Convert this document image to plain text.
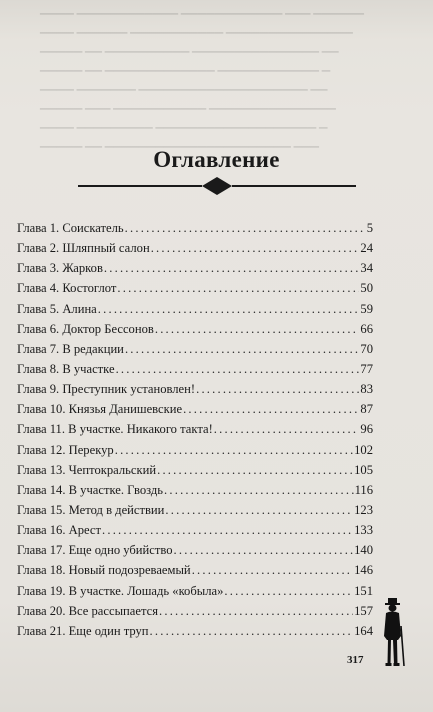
▁▁▁▁ ▁▁▁▁▁▁▁▁▁▁▁▁ ▁▁▁▁▁▁▁▁▁▁▁▁ ▁▁▁ ▁▁▁▁▁▁
▁▁▁▁ ▁▁▁▁▁▁ ▁▁▁▁▁▁▁▁▁▁▁ ▁▁▁▁▁▁▁▁▁▁▁▁▁▁▁
▁▁▁▁▁ ▁▁ ▁▁▁▁▁▁▁▁▁▁ ▁▁▁▁▁▁▁▁▁▁▁▁▁▁▁ ▁▁
▁▁▁▁▁ ▁▁ ▁▁▁▁▁▁▁▁▁▁▁▁▁ ▁▁▁▁▁▁▁▁▁▁▁▁ ▁
▁▁▁▁ ▁▁▁▁▁▁▁ ▁▁▁▁▁▁▁▁▁▁▁▁▁▁▁▁▁▁▁▁ ▁▁
▁▁▁▁▁ ▁▁▁ ▁▁▁▁▁▁▁▁▁▁▁ ▁▁▁▁▁▁▁▁▁▁▁▁▁▁▁
▁▁▁▁ ▁▁▁▁▁▁▁▁▁ ▁▁▁▁▁▁▁▁▁▁▁▁▁▁▁▁▁▁▁ ▁
▁▁▁▁▁ ▁▁ ▁▁▁▁▁▁▁▁▁▁▁▁▁▁▁▁▁▁▁▁▁▁ ▁▁▁
Оглавление
Глава 1. Соискатель .....	5
Глава 2. Шляпный салон .....	24
Глава 3. Жарков .....	34
Глава 4. Костоглот .....	50
Глава 5. Алина .....	59
Глава 6. Доктор Бессонов .....	66
Глава 7. В редакции .....	70
Глава 8. В участке .....	77
Глава 9. Преступник установлен! .....	83
Глава 10. Князья Данишевские .....	87
Глава 11. В участке. Никакого такта! .....	96
Глава 12. Перекур .....	102
Глава 13. Чептокральский .....	105
Глава 14. В участке. Гвоздь .....	116
Глава 15. Метод в действии .....	123
Глава 16. Арест .....	133
Глава 17. Еще одно убийство .....	140
Глава 18. Новый подозреваемый .....	146
Глава 19. В участке. Лошадь «кобыла» .....	151
Глава 20. Все рассыпается .....	157
Глава 21. Еще один труп .....	164
317
